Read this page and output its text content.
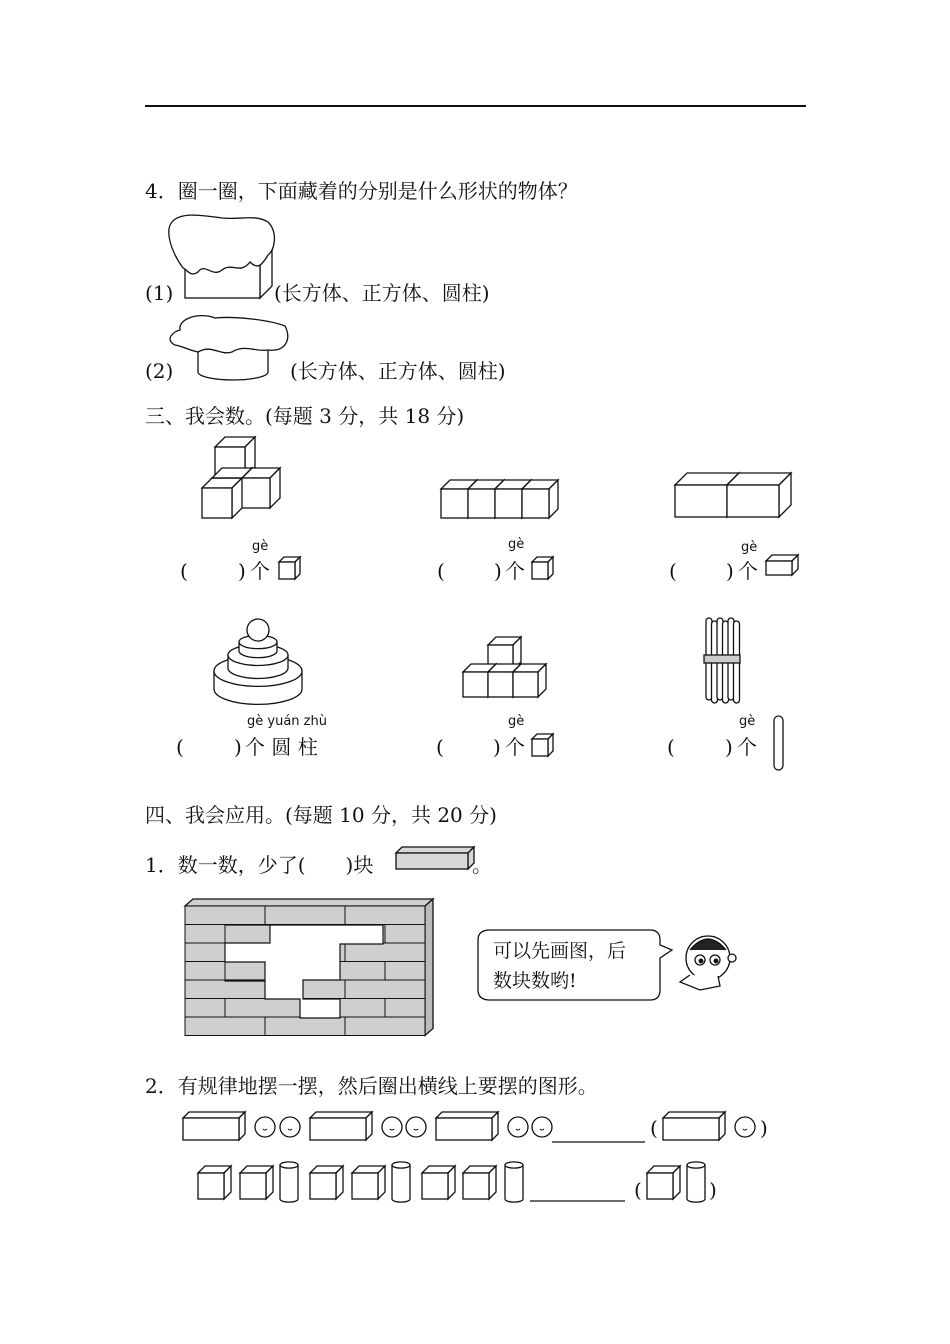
4．圈一圈，下面藏着的分别是什么形状的物体？
(1)	(长方体、正方体、圆柱)
(2)	(长方体、正方体、圆柱)
三、我会数。(每题 3 分，共 18 分)
gè
(	) 个
gè
( ) 个
gè
( ) 个
gè yuán zhù
(	) 个 圆 柱
gè
( ) 个
gè
(	) 个
四、我会应用。(每题 10 分，共 20 分)
1．数一数，少了(　　)块	。
可以先画图，后
数块数哟!
2．有规律地摆一摆，然后圈出横线上要摆的图形。
(	)
(	)
